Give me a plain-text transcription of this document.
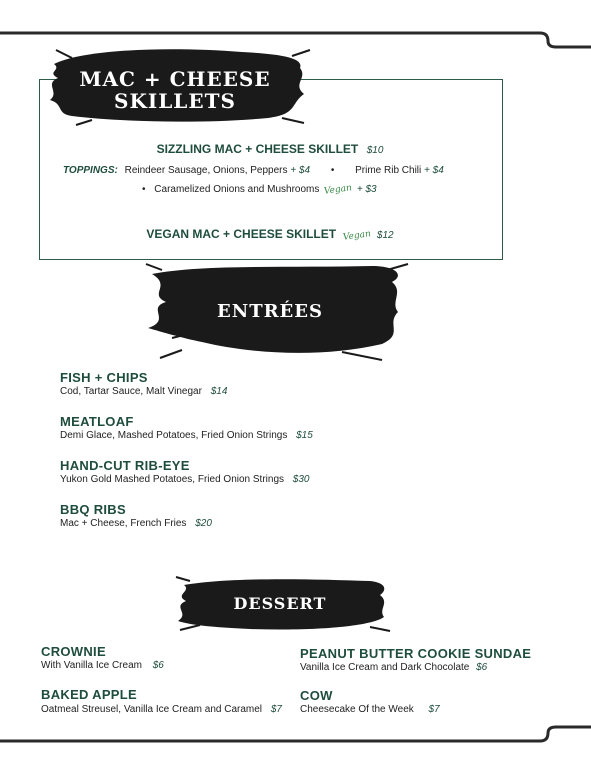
MAC + CHEESE
SKILLETS
SIZZLING MAC + CHEESE SKILLET $10
TOPPINGS: Reindeer Sausage, Onions, Peppers + $4 • Prime Rib Chili + $4
• Caramelized Onions and Mushrooms Vegan + $3
VEGAN MAC + CHEESE SKILLET Vegan $12
ENTRÉES
FISH + CHIPS
Cod, Tartar Sauce, Malt Vinegar $14
MEATLOAF
Demi Glace, Mashed Potatoes, Fried Onion Strings $15
HAND-CUT RIB-EYE
Yukon Gold Mashed Potatoes, Fried Onion Strings $30
BBQ RIBS
Mac + Cheese, French Fries $20
DESSERT
CROWNIE
With Vanilla Ice Cream $6
PEANUT BUTTER COOKIE SUNDAE
Vanilla Ice Cream and Dark Chocolate $6
BAKED APPLE
Oatmeal Streusel, Vanilla Ice Cream and Caramel $7
COW
Cheesecake Of the Week $7
